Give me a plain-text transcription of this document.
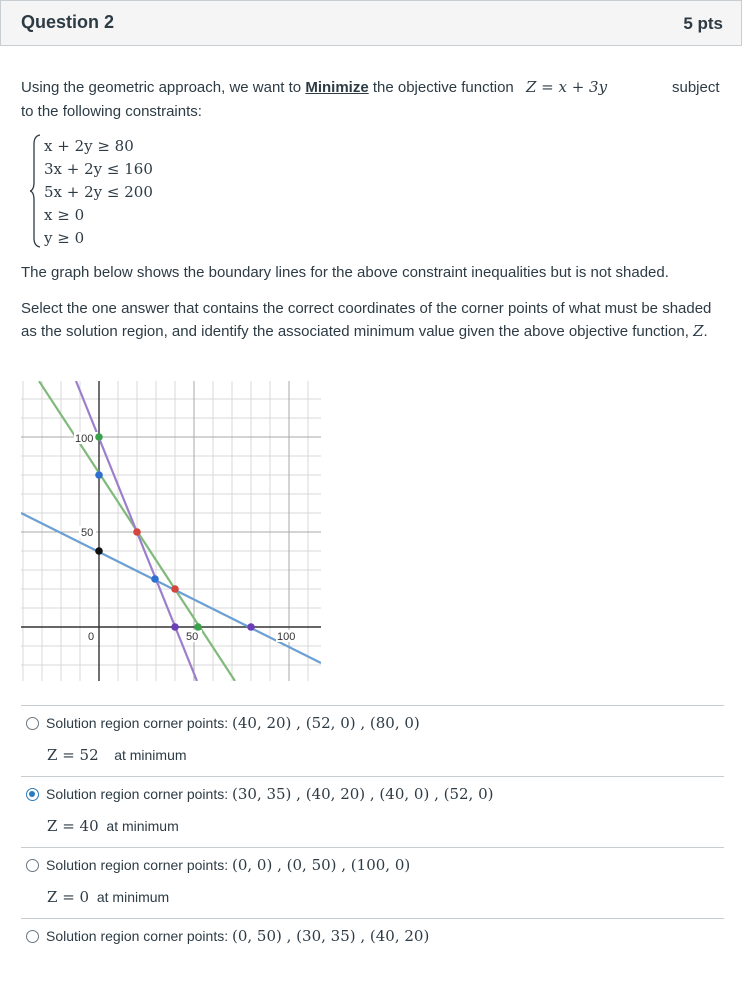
Question 2	5 pts
Using the geometric approach, we want to Minimize the objective function Z = x + 3y	subject
to the following constraints:
x + 2y ≥ 80
3x + 2y ≤ 160
5x + 2y ≤ 200
x ≥ 0
y ≥ 0
The graph below shows the boundary lines for the above constraint inequalities but is not shaded.
Select the one answer that contains the correct coordinates of the corner points of what must be shaded as the solution region, and identify the associated minimum value given the above objective function, Z.
100
50
0	50	100
Solution region corner points: (40, 20) , (52, 0) , (80, 0)
Z = 52 at minimum
Solution region corner points: (30, 35) , (40, 20) , (40, 0) , (52, 0)
Z = 40 at minimum
Solution region corner points: (0, 0) , (0, 50) , (100, 0)
Z = 0 at minimum
Solution region corner points: (0, 50) , (30, 35) , (40, 20)
